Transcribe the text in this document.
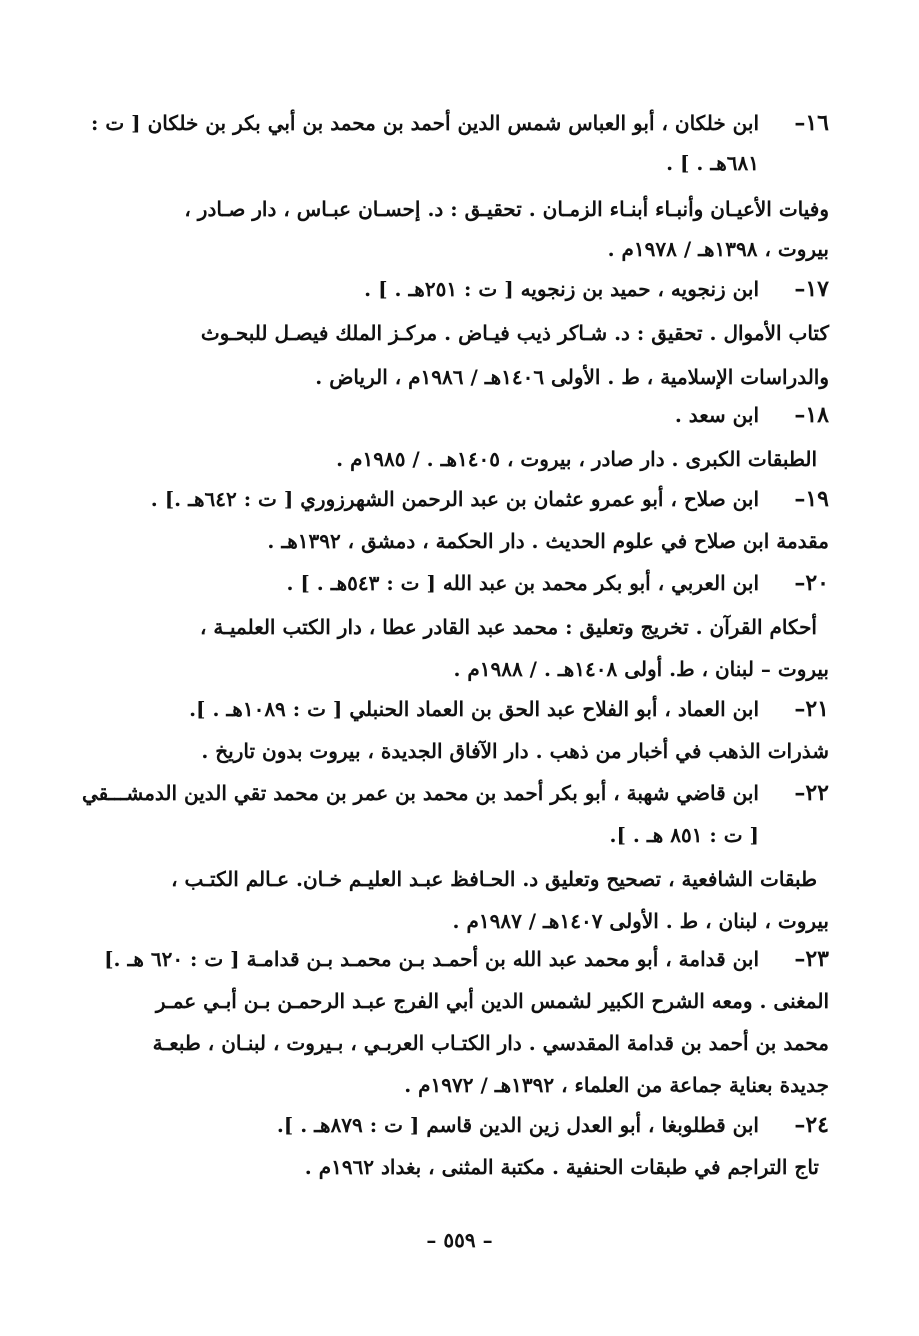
١٦–
ابن خلكان ، أبو العباس شمس الدين أحمد بن محمد بن أبي بكر بن خلكان [ ت :
٦٨١هـ . ] .
وفيات الأعيـان وأنبـاء أبنـاء الزمـان . تحقيـق : د. إحسـان عبـاس ، دار صـادر ،
بيروت ، ١٣٩٨هـ / ١٩٧٨م .
١٧–
ابن زنجويه ، حميد بن زنجويه [ ت : ٢٥١هـ . ] .
كتاب الأموال . تحقيق : د. شـاكر ذيب فيـاض . مركـز الملك فيصـل للبحـوث
والدراسات الإسلامية ، ط . الأولى ١٤٠٦هـ / ١٩٨٦م ، الرياض .
١٨–
ابن سعد .
الطبقات الكبرى . دار صادر ، بيروت ، ١٤٠٥هـ . / ١٩٨٥م .
١٩–
ابن صلاح ، أبو عمرو عثمان بن عبد الرحمن الشهرزوري [ ت : ٦٤٢هـ .] .
مقدمة ابن صلاح في علوم الحديث . دار الحكمة ، دمشق ، ١٣٩٢هـ .
٢٠–
ابن العربي ، أبو بكر محمد بن عبد الله [ ت : ٥٤٣هـ . ] .
أحكام القرآن . تخريج وتعليق : محمد عبد القادر عطا ، دار الكتب العلميـة ،
بيروت – لبنان ، ط. أولى ١٤٠٨هـ . / ١٩٨٨م .
٢١–
ابن العماد ، أبو الفلاح عبد الحق بن العماد الحنبلي [ ت : ١٠٨٩هـ . ].
شذرات الذهب في أخبار من ذهب . دار الآفاق الجديدة ، بيروت بدون تاريخ .
٢٢–
ابن قاضي شهبة ، أبو بكر أحمد بن محمد بن عمر بن محمد تقي الدين الدمشـــقي
[ ت : ٨٥١ هـ . ].
طبقات الشافعية ، تصحيح وتعليق د. الحـافظ عبـد العليـم خـان. عـالم الكتـب ،
بيروت ، لبنان ، ط . الأولى ١٤٠٧هـ / ١٩٨٧م .
٢٣–
ابن قدامة ، أبو محمد عبد الله بن أحمـد بـن محمـد بـن قدامـة [ ت : ٦٢٠ هـ .]
المغنى . ومعه الشرح الكبير لشمس الدين أبي الفرج عبـد الرحمـن بـن أبـي عمـر
محمد بن أحمد بن قدامة المقدسي . دار الكتـاب العربـي ، بـيروت ، لبنـان ، طبعـة
جديدة بعناية جماعة من العلماء ، ١٣٩٢هـ / ١٩٧٢م .
٢٤–
ابن قطلوبغا ، أبو العدل زين الدين قاسم [ ت : ٨٧٩هـ . ].
تاج التراجم في طبقات الحنفية . مكتبة المثنى ، بغداد ١٩٦٢م .
– ٥٥٩ –
